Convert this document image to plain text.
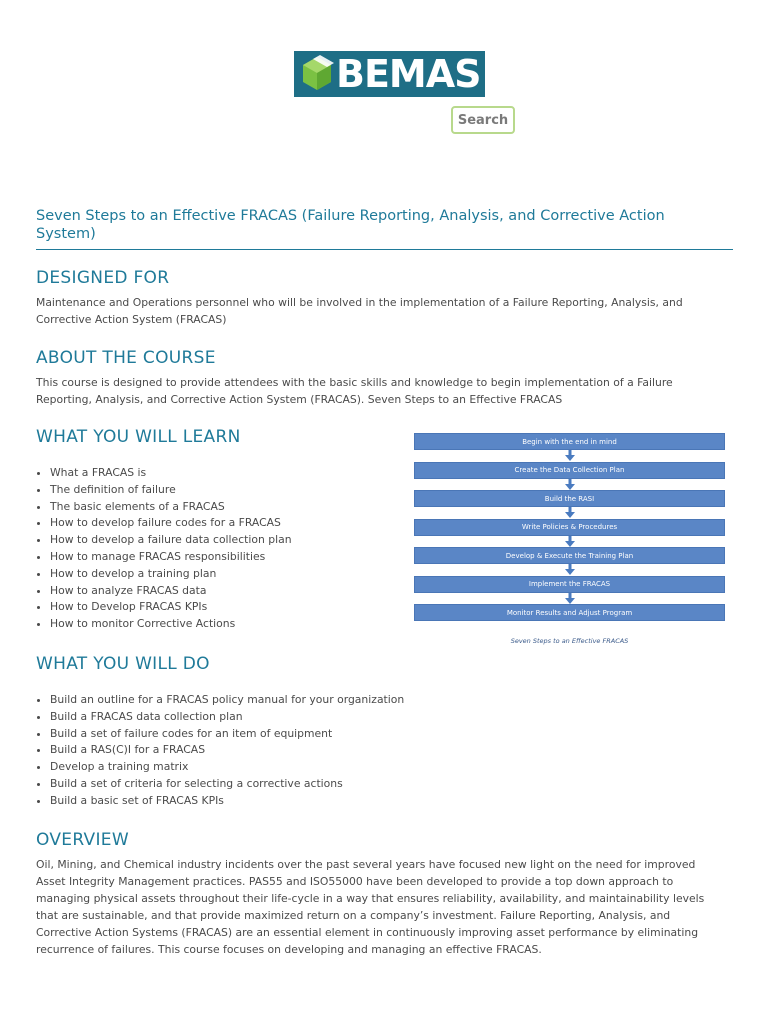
BEMAS
Search
Seven Steps to an Effective FRACAS (Failure Reporting, Analysis, and Corrective Action System)
DESIGNED FOR

Maintenance and Operations personnel who will be involved in the implementation of a Failure Reporting, Analysis, and Corrective Action System (FRACAS)

ABOUT THE COURSE

This course is designed to provide attendees with the basic skills and knowledge to begin implementation of a Failure Reporting, Analysis, and Corrective Action System (FRACAS). Seven Steps to an Effective FRACAS

WHAT YOU WILL LEARN
• What a FRACAS is
• The definition of failure
• The basic elements of a FRACAS
• How to develop failure codes for a FRACAS
• How to develop a failure data collection plan
• How to manage FRACAS responsibilities
• How to develop a training plan
• How to analyze FRACAS data
• How to Develop FRACAS KPIs
• How to monitor Corrective Actions
Begin with the end in mind
Create the Data Collection Plan
Build the RASI
Write Policies & Procedures
Develop & Execute the Training Plan
Implement the FRACAS
Monitor Results and Adjust Program
Seven Steps to an Effective FRACAS
WHAT YOU WILL DO
• Build an outline for a FRACAS policy manual for your organization
• Build a FRACAS data collection plan
• Build a set of failure codes for an item of equipment
• Build a RAS(C)I for a FRACAS
• Develop a training matrix
• Build a set of criteria for selecting a corrective actions
• Build a basic set of FRACAS KPIs
OVERVIEW

Oil, Mining, and Chemical industry incidents over the past several years have focused new light on the need for improved Asset Integrity Management practices. PAS55 and ISO55000 have been developed to provide a top down approach to managing physical assets throughout their life-cycle in a way that ensures reliability, availability, and maintainability levels that are sustainable, and that provide maximized return on a company’s investment. Failure Reporting, Analysis, and Corrective Action Systems (FRACAS) are an essential element in continuously improving asset performance by eliminating recurrence of failures. This course focuses on developing and managing an effective FRACAS.
